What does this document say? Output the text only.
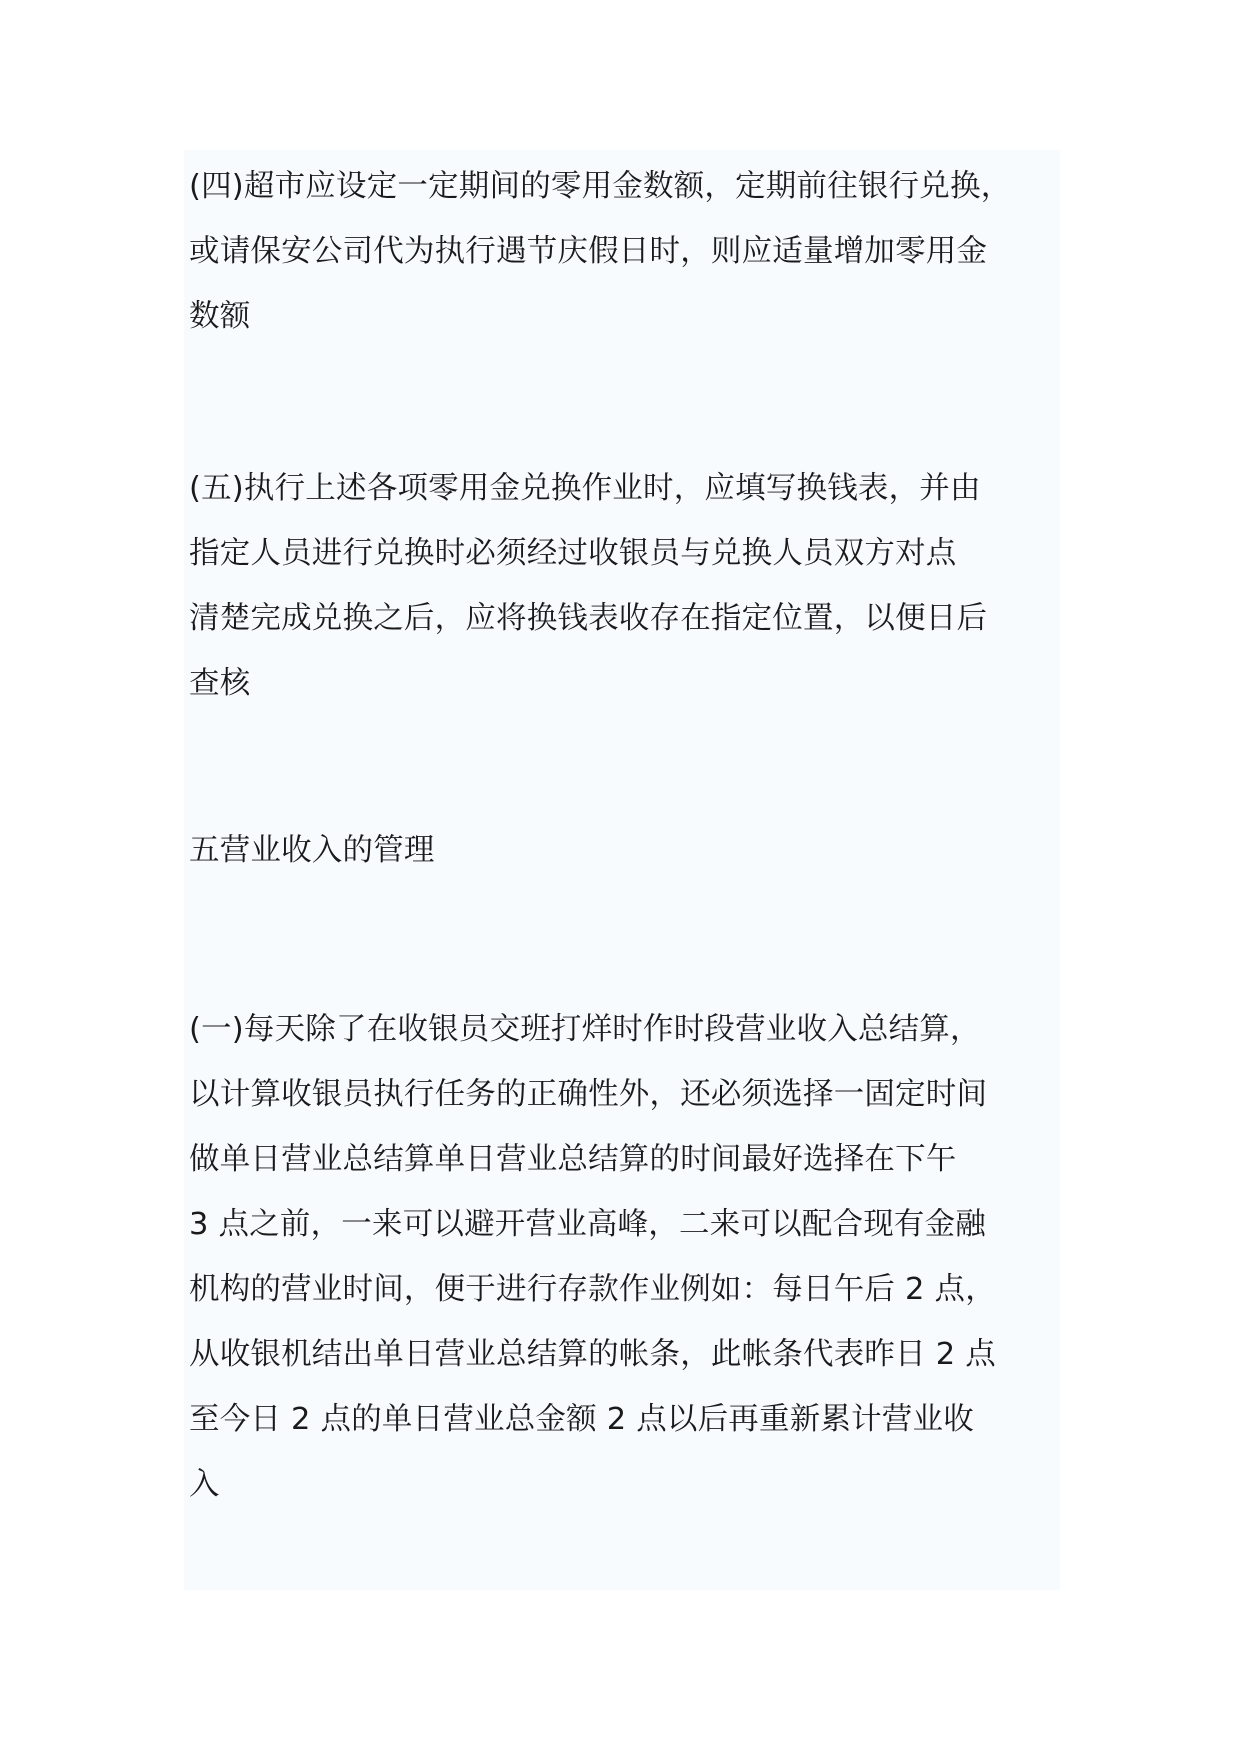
(四)超市应设定一定期间的零用金数额，定期前往银行兑换，
或请保安公司代为执行遇节庆假日时，则应适量增加零用金
数额
(五)执行上述各项零用金兑换作业时，应填写换钱表，并由
指定人员进行兑换时必须经过收银员与兑换人员双方对点
清楚完成兑换之后，应将换钱表收存在指定位置，以便日后
查核
五营业收入的管理
(一)每天除了在收银员交班打烊时作时段营业收入总结算，
以计算收银员执行任务的正确性外，还必须选择一固定时间
做单日营业总结算单日营业总结算的时间最好选择在下午
3 点之前，一来可以避开营业高峰，二来可以配合现有金融
机构的营业时间，便于进行存款作业例如：每日午后 2 点，
从收银机结出单日营业总结算的帐条，此帐条代表昨日 2 点
至今日 2 点的单日营业总金额 2 点以后再重新累计营业收
入
